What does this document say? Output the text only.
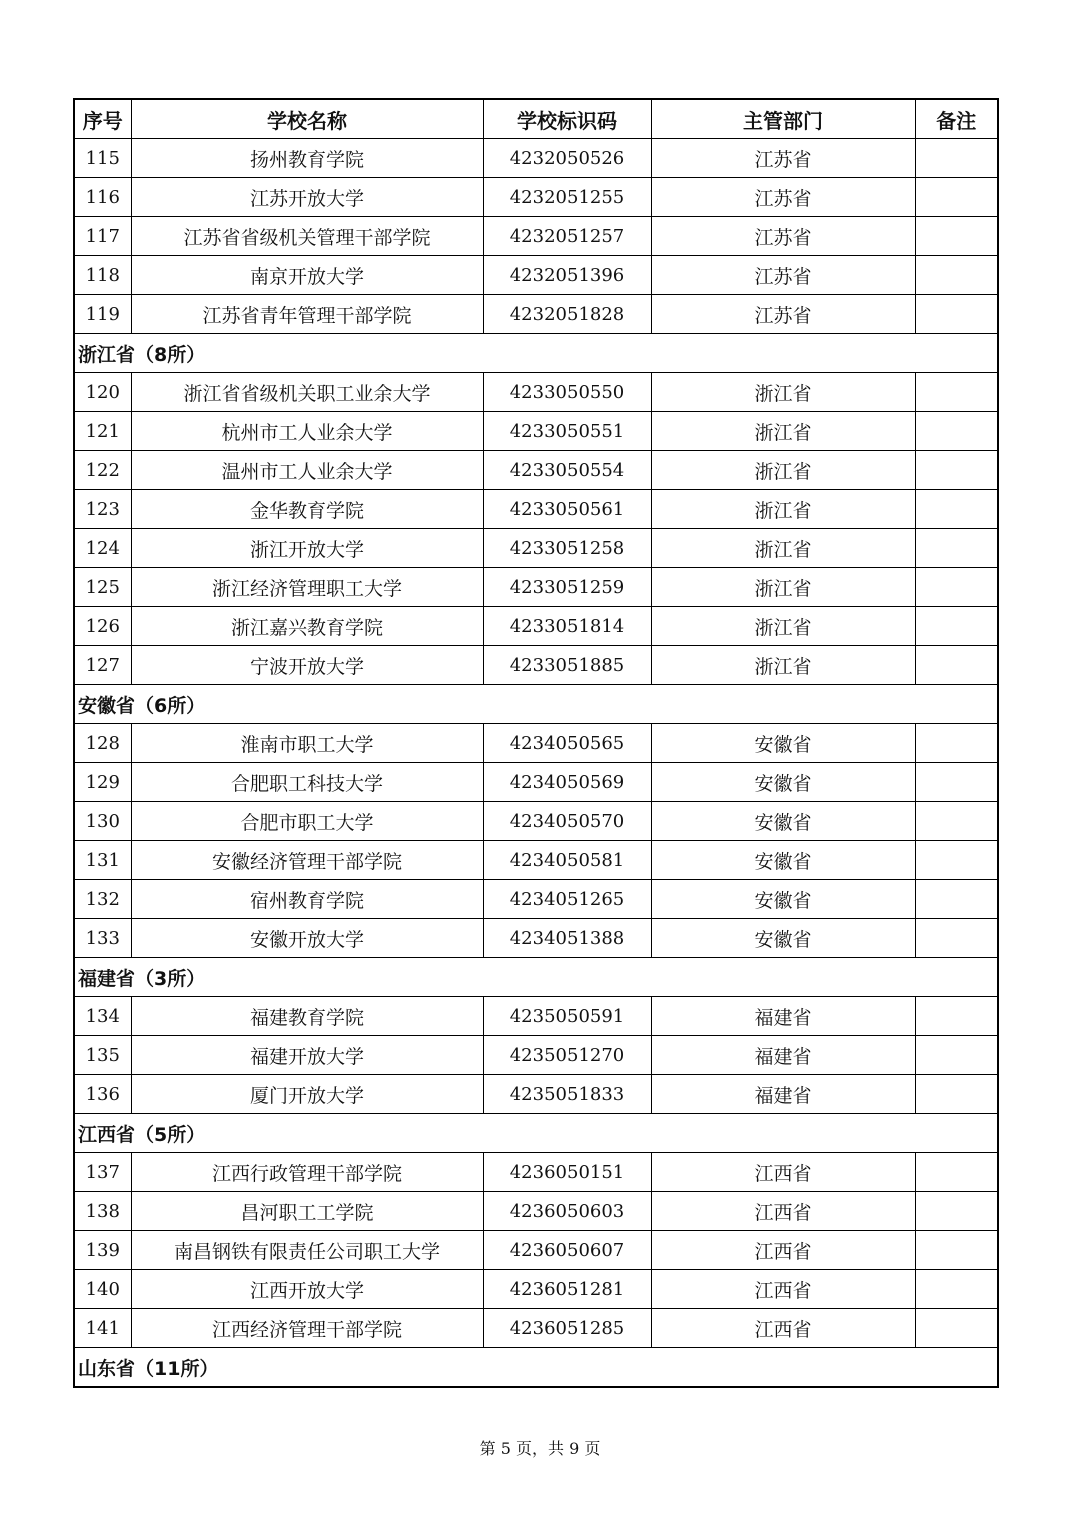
序号	学校名称	学校标识码	主管部门	备注
115	扬州教育学院	4232050526	江苏省	
116	江苏开放大学	4232051255	江苏省	
117	江苏省省级机关管理干部学院	4232051257	江苏省	
118	南京开放大学	4232051396	江苏省	
119	江苏省青年管理干部学院	4232051828	江苏省	
浙江省（8所）				
120	浙江省省级机关职工业余大学	4233050550	浙江省	
121	杭州市工人业余大学	4233050551	浙江省	
122	温州市工人业余大学	4233050554	浙江省	
123	金华教育学院	4233050561	浙江省	
124	浙江开放大学	4233051258	浙江省	
125	浙江经济管理职工大学	4233051259	浙江省	
126	浙江嘉兴教育学院	4233051814	浙江省	
127	宁波开放大学	4233051885	浙江省	
安徽省（6所）				
128	淮南市职工大学	4234050565	安徽省	
129	合肥职工科技大学	4234050569	安徽省	
130	合肥市职工大学	4234050570	安徽省	
131	安徽经济管理干部学院	4234050581	安徽省	
132	宿州教育学院	4234051265	安徽省	
133	安徽开放大学	4234051388	安徽省	
福建省（3所）				
134	福建教育学院	4235050591	福建省	
135	福建开放大学	4235051270	福建省	
136	厦门开放大学	4235051833	福建省	
江西省（5所）				
137	江西行政管理干部学院	4236050151	江西省	
138	昌河职工工学院	4236050603	江西省	
139	南昌钢铁有限责任公司职工大学	4236050607	江西省	
140	江西开放大学	4236051281	江西省	
141	江西经济管理干部学院	4236051285	江西省	
山东省（11所）				
第 5 页，共 9 页
